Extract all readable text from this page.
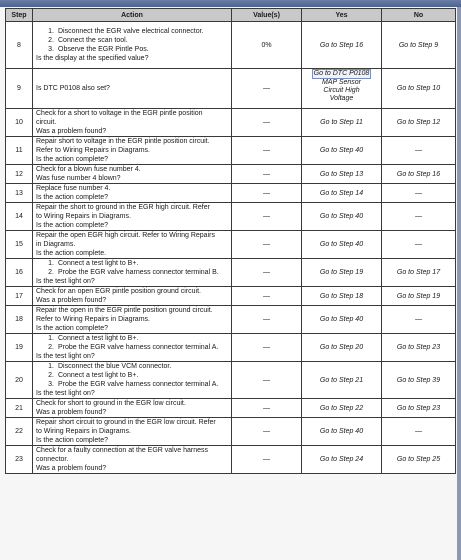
Step	Action	Value(s)	Yes	No
8	1. Disconnect the EGR valve electrical connector.
2. Connect the scan tool.
3. Observe the EGR Pintle Pos.
Is the display at the specified value?	0%	Go to Step 16	Go to Step 9
9	Is DTC P0108 also set?	—	Go to DTC P0108
MAP Sensor
Circuit High
Voltage	Go to Step 10
10	Check for a short to voltage in the EGR pintle position
circuit.
Was a problem found?	—	Go to Step 11	Go to Step 12
11	Repair short to voltage in the EGR pintle position circuit.
Refer to Wiring Repairs in Diagrams.
Is the action complete?	—	Go to Step 40	—
12	Check for a blown fuse number 4.
Was fuse number 4 blown?	—	Go to Step 13	Go to Step 16
13	Replace fuse number 4.
Is the action complete?	—	Go to Step 14	—
14	Repair the short to ground in the EGR high circuit. Refer
to Wiring Repairs in Diagrams.
Is the action complete?	—	Go to Step 40	—
15	Repair the open EGR high circuit. Refer to Wiring Repairs
in Diagrams.
Is the action complete.	—	Go to Step 40	—
16	1. Connect a test light to B+.
2. Probe the EGR valve harness connector terminal B.
Is the test light on?	—	Go to Step 19	Go to Step 17
17	Check for an open EGR pintle position ground circuit.
Was a problem found?	—	Go to Step 18	Go to Step 19
18	Repair the open in the EGR pintle position ground circuit.
Refer to Wiring Repairs in Diagrams.
Is the action complete?	—	Go to Step 40	—
19	1. Connect a test light to B+.
2. Probe the EGR valve harness connector terminal A.
Is the test light on?	—	Go to Step 20	Go to Step 23
20	1. Disconnect the blue VCM connector.
2. Connect a test light to B+.
3. Probe the EGR valve harness connector terminal A.
Is the test light on?	—	Go to Step 21	Go to Step 39
21	Check for short to ground in the EGR low circuit.
Was a problem found?	—	Go to Step 22	Go to Step 23
22	Repair short circuit to ground in the EGR low circuit. Refer
to Wiring Repairs in Diagrams.
Is the action complete?	—	Go to Step 40	—
23	Check for a faulty connection at the EGR valve harness
connector.
Was a problem found?	—	Go to Step 24	Go to Step 25
